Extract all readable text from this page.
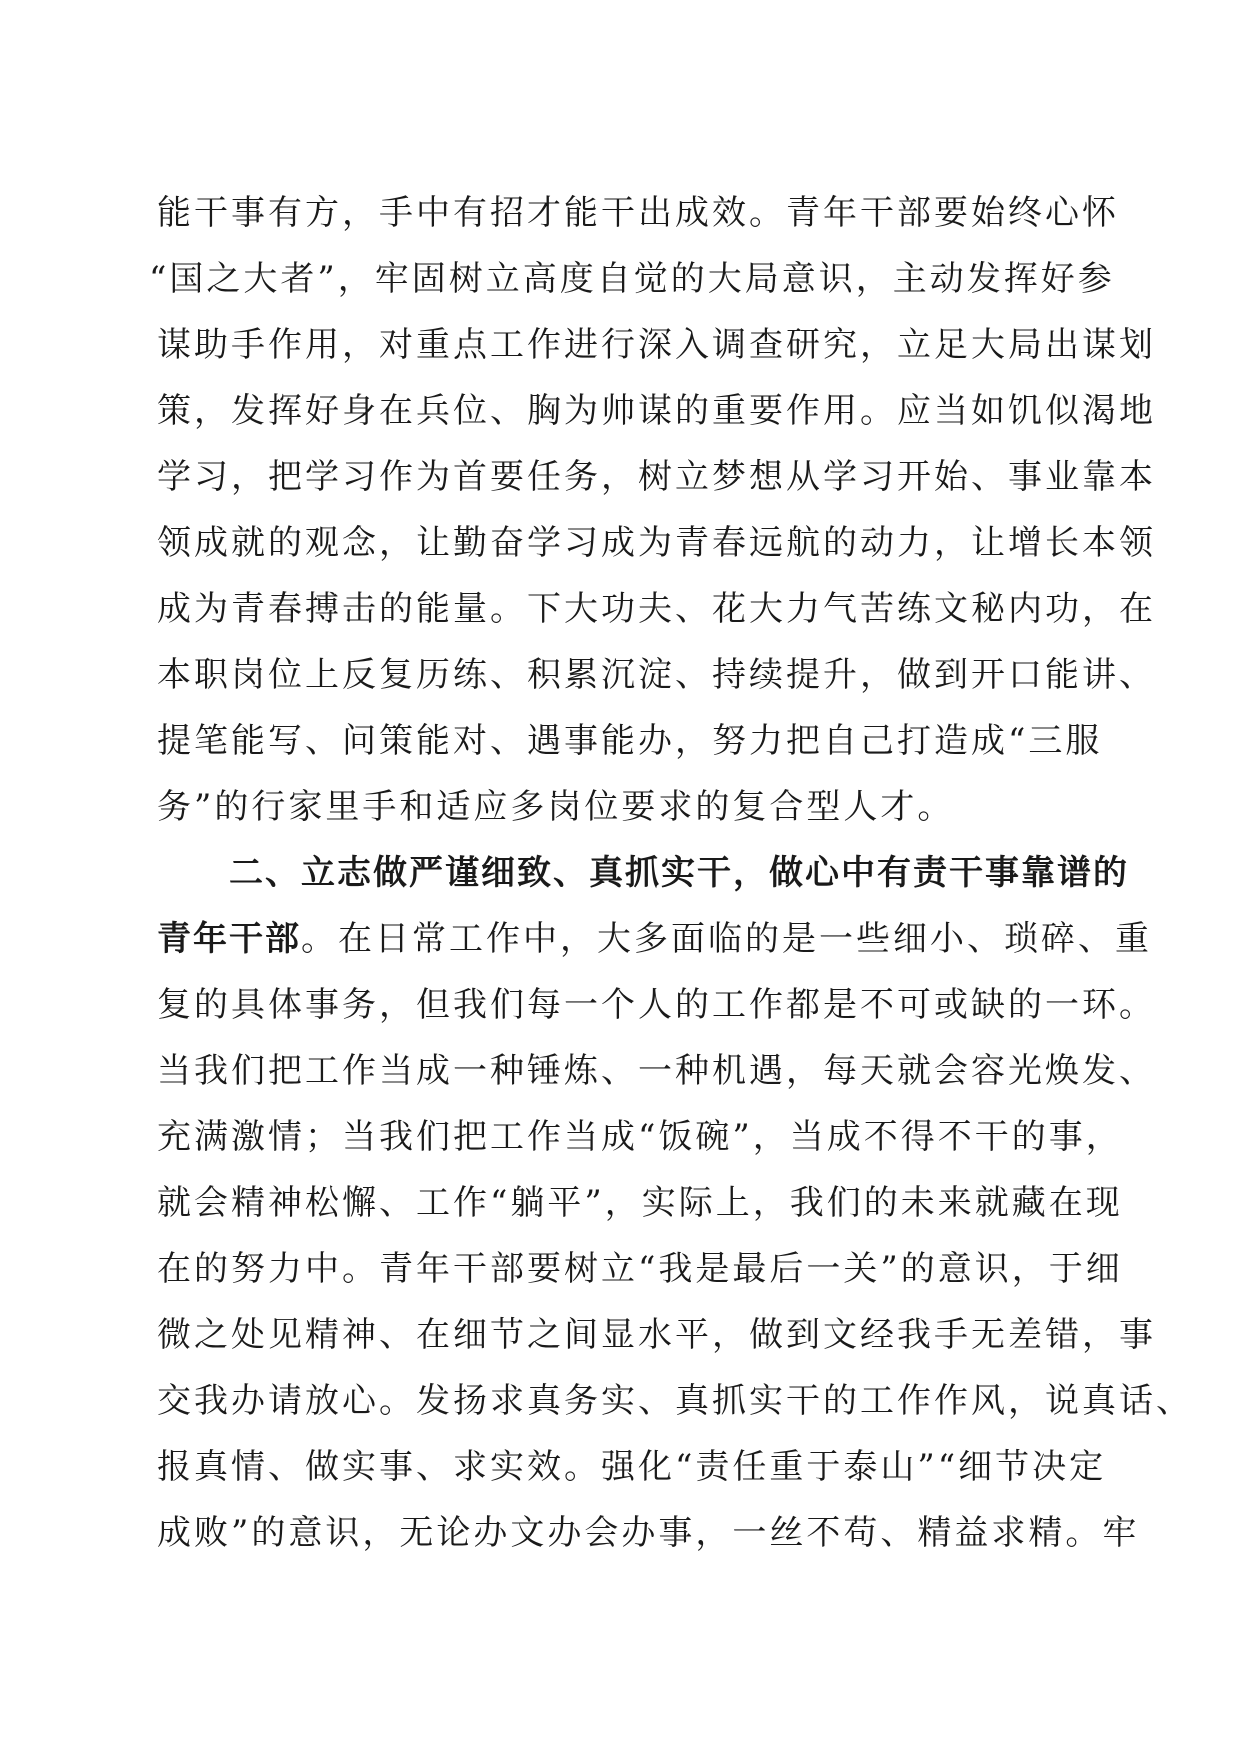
能干事有方，手中有招才能干出成效。青年干部要始终心怀
“国之大者”，牢固树立高度自觉的大局意识，主动发挥好参
谋助手作用，对重点工作进行深入调查研究，立足大局出谋划
策，发挥好身在兵位、胸为帅谋的重要作用。应当如饥似渴地
学习，把学习作为首要任务，树立梦想从学习开始、事业靠本
领成就的观念，让勤奋学习成为青春远航的动力，让增长本领
成为青春搏击的能量。下大功夫、花大力气苦练文秘内功，在
本职岗位上反复历练、积累沉淀、持续提升，做到开口能讲、
提笔能写、问策能对、遇事能办，努力把自己打造成“三服
务”的行家里手和适应多岗位要求的复合型人才。
二、立志做严谨细致、真抓实干，做心中有责干事靠谱的
青年干部。在日常工作中，大多面临的是一些细小、琐碎、重
复的具体事务，但我们每一个人的工作都是不可或缺的一环。
当我们把工作当成一种锤炼、一种机遇，每天就会容光焕发、
充满激情；当我们把工作当成“饭碗”，当成不得不干的事，
就会精神松懈、工作“躺平”，实际上，我们的未来就藏在现
在的努力中。青年干部要树立“我是最后一关”的意识，于细
微之处见精神、在细节之间显水平，做到文经我手无差错，事
交我办请放心。发扬求真务实、真抓实干的工作作风，说真话、
报真情、做实事、求实效。强化“责任重于泰山”“细节决定
成败”的意识，无论办文办会办事，一丝不苟、精益求精。牢
